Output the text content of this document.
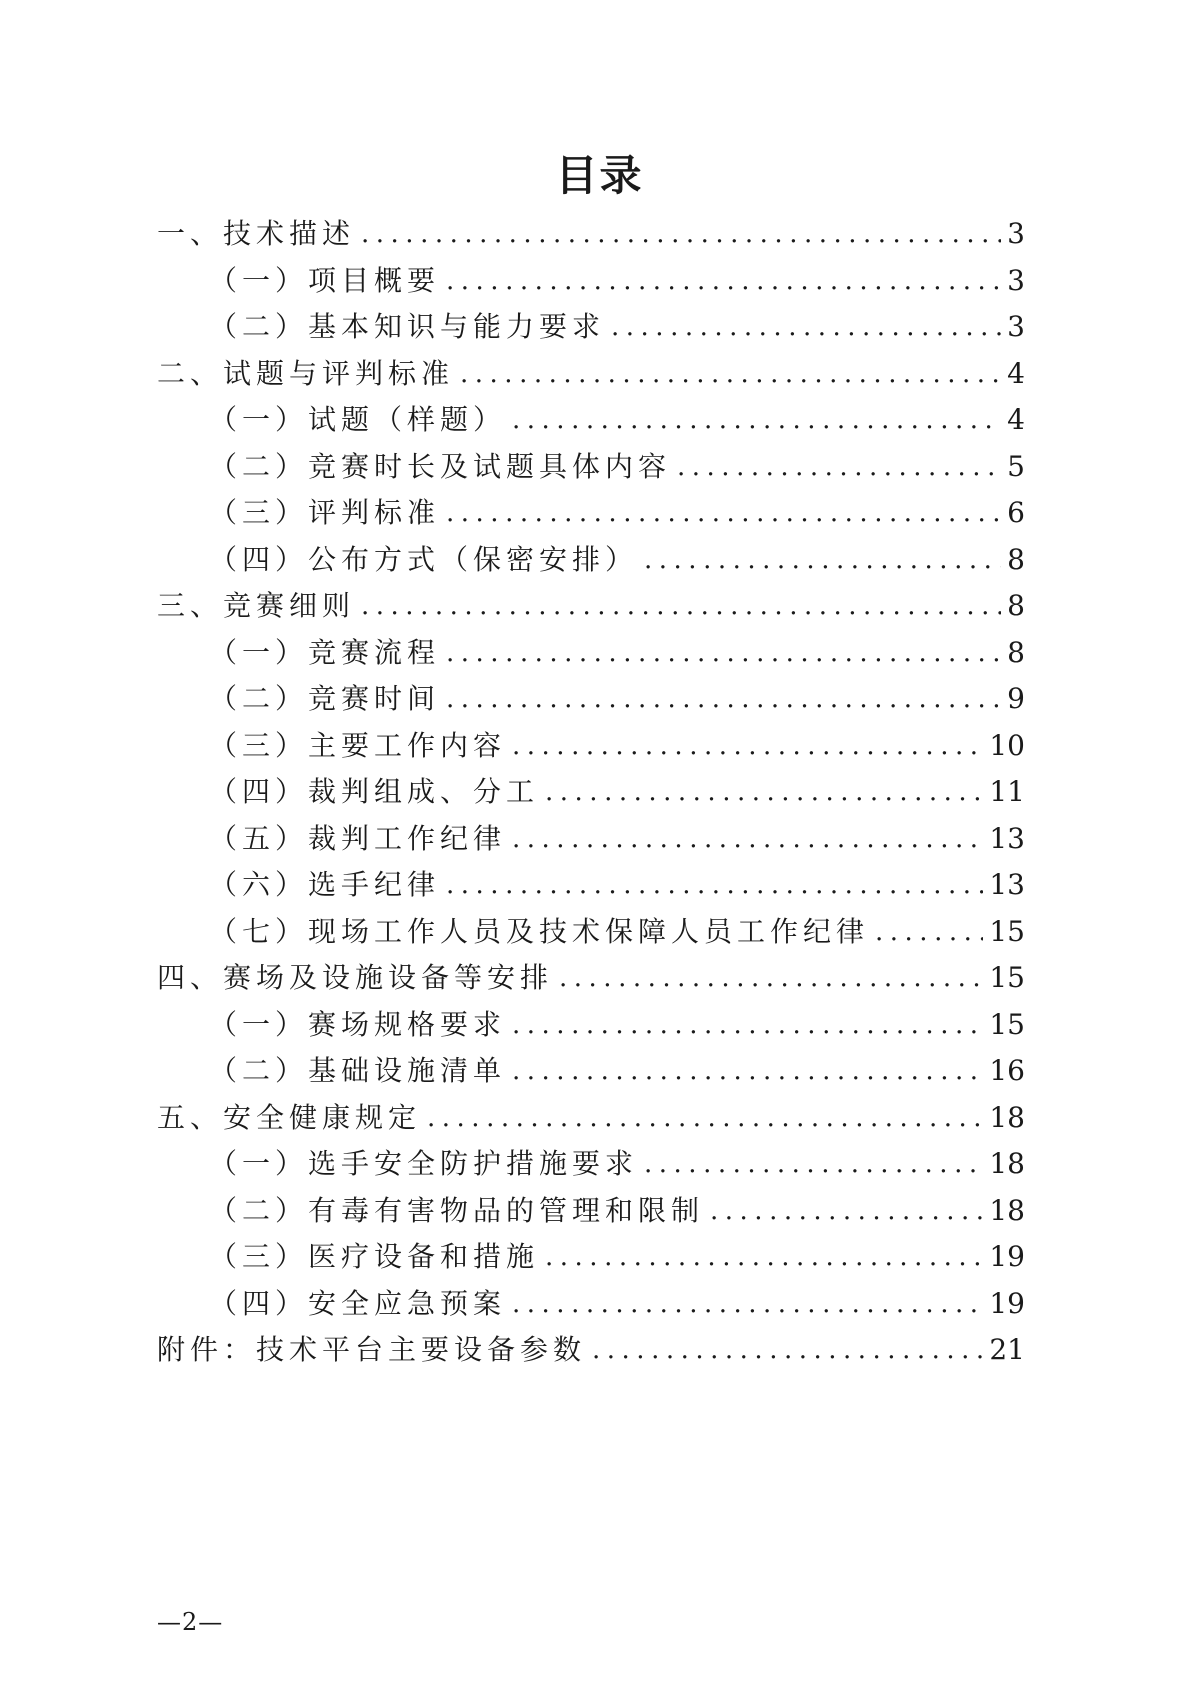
目录
一、技术描述 .....	3
（一）项目概要 .....	3
（二）基本知识与能力要求 .....	3
二、试题与评判标准 .....	4
（一）试题（样题） .....	4
（二）竞赛时长及试题具体内容 .....	5
（三）评判标准 .....	6
（四）公布方式（保密安排） .....	8
三、竞赛细则 .....	8
（一）竞赛流程 .....	8
（二）竞赛时间 .....	9
（三）主要工作内容 .....	10
（四）裁判组成、分工 .....	11
（五）裁判工作纪律 .....	13
（六）选手纪律 .....	13
（七）现场工作人员及技术保障人员工作纪律 .....	15
四、赛场及设施设备等安排 .....	15
（一）赛场规格要求 .....	15
（二）基础设施清单 .....	16
五、安全健康规定 .....	18
（一）选手安全防护措施要求 .....	18
（二）有毒有害物品的管理和限制 .....	18
（三）医疗设备和措施 .....	19
（四）安全应急预案 .....	19
附件：技术平台主要设备参数 .....	21
—2—
